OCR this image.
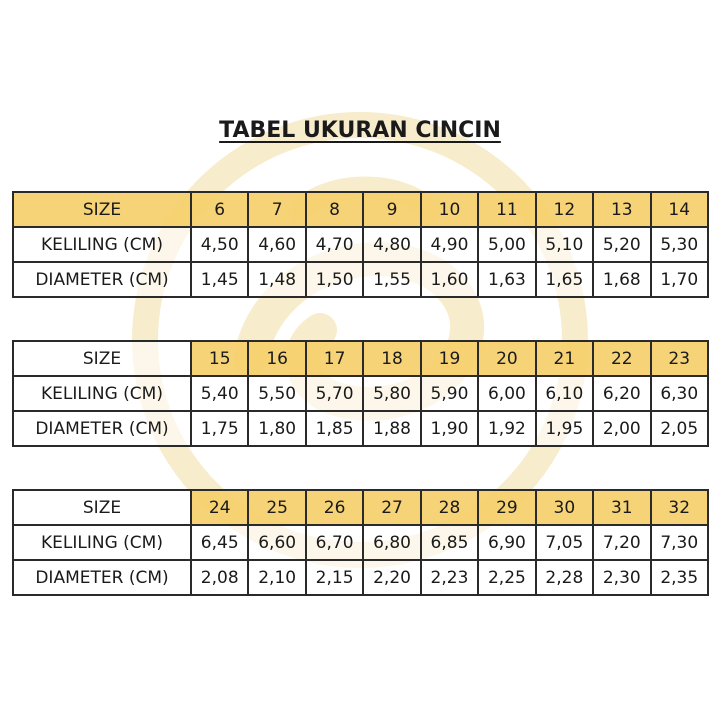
TABEL UKURAN CINCIN
SIZE	6	7	8	9	10	11	12	13	14
KELILING (CM)	4,50	4,60	4,70	4,80	4,90	5,00	5,10	5,20	5,30
DIAMETER (CM)	1,45	1,48	1,50	1,55	1,60	1,63	1,65	1,68	1,70
SIZE	15	16	17	18	19	20	21	22	23
KELILING (CM)	5,40	5,50	5,70	5,80	5,90	6,00	6,10	6,20	6,30
DIAMETER (CM)	1,75	1,80	1,85	1,88	1,90	1,92	1,95	2,00	2,05
SIZE	24	25	26	27	28	29	30	31	32
KELILING (CM)	6,45	6,60	6,70	6,80	6,85	6,90	7,05	7,20	7,30
DIAMETER (CM)	2,08	2,10	2,15	2,20	2,23	2,25	2,28	2,30	2,35
